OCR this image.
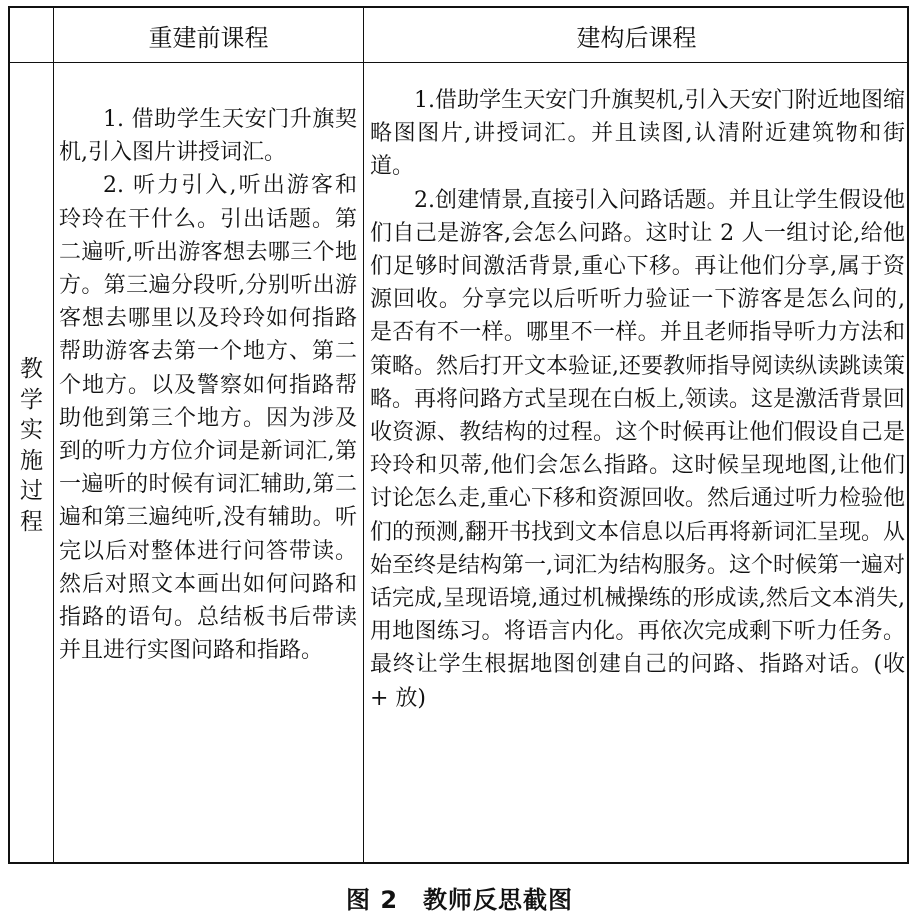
重建前课程	建构后课程
教
学
实
施
过
程

1. 借助学生天安门升旗契机,引入图片讲授词汇。

2. 听力引入,听出游客和玲玲在干什么。引出话题。第二遍听,听出游客想去哪三个地方。第三遍分段听,分别听出游客想去哪里以及玲玲如何指路帮助游客去第一个地方、第二个地方。以及警察如何指路帮助他到第三个地方。因为涉及到的听力方位介词是新词汇,第一遍听的时候有词汇辅助,第二遍和第三遍纯听,没有辅助。听完以后对整体进行问答带读。然后对照文本画出如何问路和指路的语句。总结板书后带读并且进行实图问路和指路。

1.借助学生天安门升旗契机,引入天安门附近地图缩略图图片,讲授词汇。并且读图,认清附近建筑物和街道。

2.创建情景,直接引入问路话题。并且让学生假设他们自己是游客,会怎么问路。这时让 2 人一组讨论,给他们足够时间激活背景,重心下移。再让他们分享,属于资源回收。分享完以后听听力验证一下游客是怎么问的, 是否有不一样。哪里不一样。并且老师指导听力方法和策略。然后打开文本验证,还要教师指导阅读纵读跳读策略。再将问路方式呈现在白板上,领读。这是激活背景回收资源、教结构的过程。这个时候再让他们假设自己是玲玲和贝蒂,他们会怎么指路。这时候呈现地图,让他们讨论怎么走,重心下移和资源回收。然后通过听力检验他们的预测,翻开书找到文本信息以后再将新词汇呈现。从始至终是结构第一,词汇为结构服务。这个时候第一遍对话完成,呈现语境,通过机械操练的形成读,然后文本消失,用地图练习。将语言内化。再依次完成剩下听力任务。最终让学生根据地图创建自己的问路、指路对话。(收 + 放)

图 2　教师反思截图
